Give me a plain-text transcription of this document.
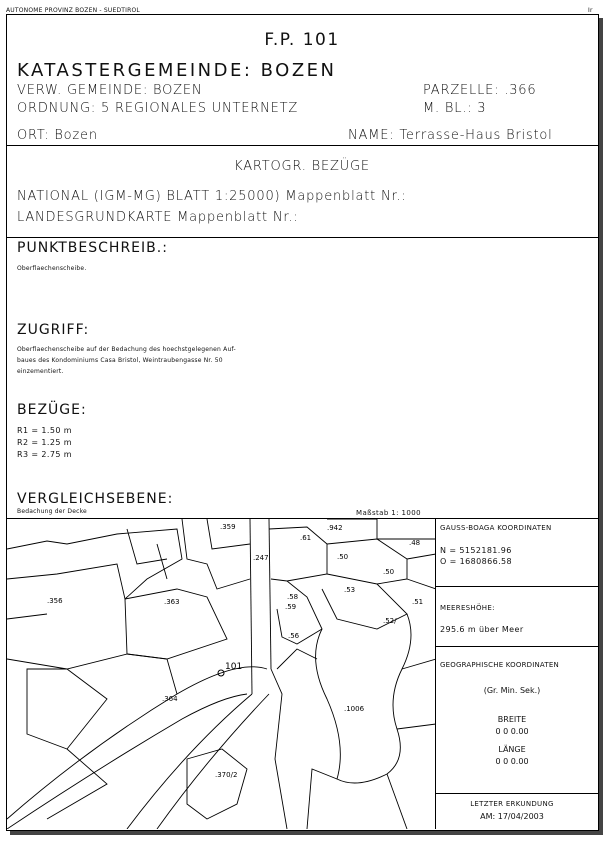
AUTONOME PROVINZ BOZEN - SUEDTIROL	Ir
F.P. 101
KATASTERGEMEINDE: BOZEN
VERW. GEMEINDE: BOZEN
ORDNUNG: 5 REGIONALES UNTERNETZ
PARZELLE: .366
M. BL.: 3
ORT: Bozen	NAME: Terrasse-Haus Bristol
KARTOGR. BEZÜGE
NATIONAL (IGM-MG) BLATT 1:25000) Mappenblatt Nr.:
LANDESGRUNDKARTE Mappenblatt Nr.:
PUNKTBESCHREIB.:
Oberflaechenscheibe.
ZUGRIFF:
Oberflaechenscheibe auf der Bedachung des hoechstgelegenen Auf-
baues des Kondominiums Casa Bristol, Weintraubengasse Nr. 50
einzementiert.
BEZÜGE:
R1 = 1.50 m
R2 = 1.25 m
R3 = 2.75 m
VERGLEICHSEBENE:
Bedachung der Decke	Maßstab 1: 1000
.359	.942
.61
.48
.247	.50
.50
.356	.363
.53
.58
.51
.59
.52/
.56
101
.1006
.364
.370/2
GAUSS-BOAGA KOORDINATEN
N = 5152181.96
O = 1680866.58
MEERESHÖHE:
295.6 m über Meer
GEOGRAPHISCHE KOORDINATEN
(Gr. Min. Sek.)
BREITE
0 0 0.00
LÄNGE
0 0 0.00
LETZTER ERKUNDUNG
AM: 17/04/2003
